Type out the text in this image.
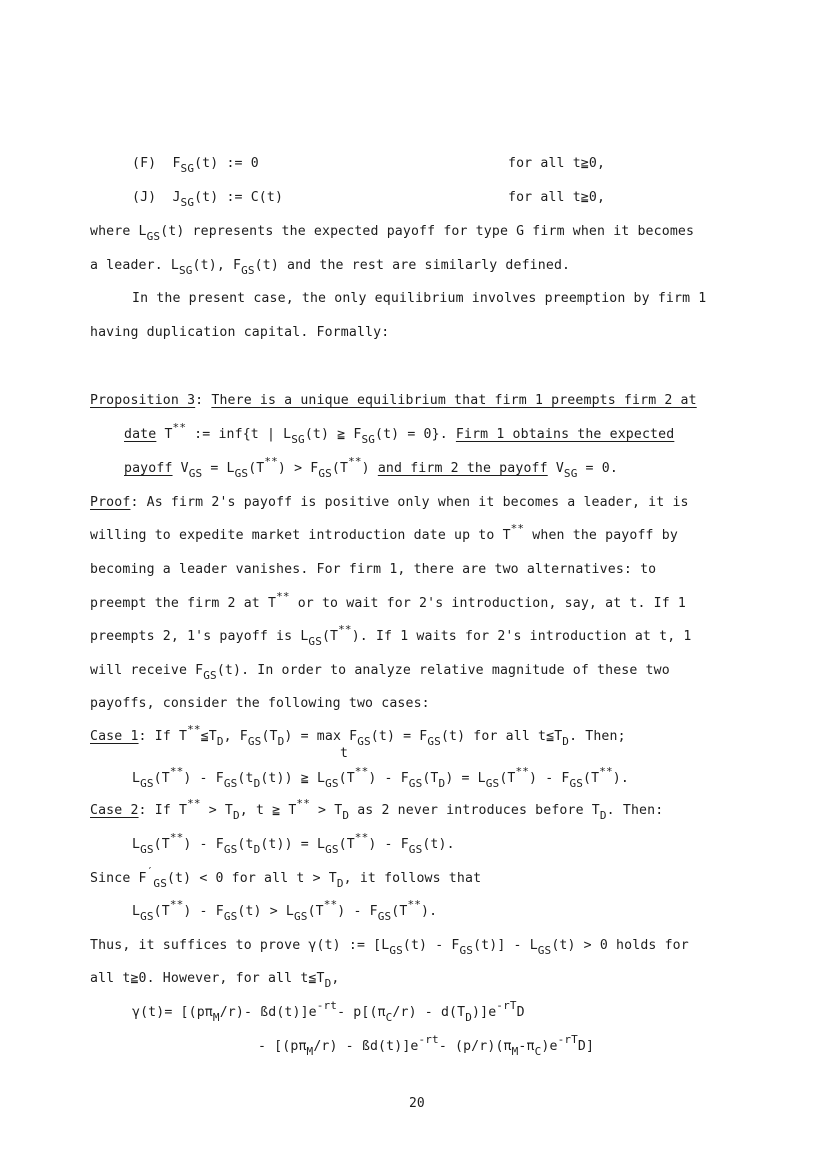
(F)  $F_{SG}(t)$ := 0	for all t≧0,
(J)  $J_{SG}(t)$ := C(t)	for all t≧0,
where $L_{GS}(t)$ represents the expected payoff for type G firm when it becomes
a leader. $L_{SG}(t)$, $F_{GS}(t)$ and the rest are similarly defined.
In the present case, the only equilibrium involves preemption by firm 1
having duplication capital. Formally:
Proposition 3: There is a unique equilibrium that firm 1 preempts firm 2 at
date T** := inf{t | $L_{SG}(t)$ ≧ $F_{SG}(t) = 0$}. Firm 1 obtains the expected
payoff $V_{GS} = L_{GS}(T^{**}) > F_{GS}(T^{**})$ and firm 2 the payoff $V_{SG} = 0$.
Proof: As firm 2's payoff is positive only when it becomes a leader, it is
willing to expedite market introduction date up to T** when the payoff by
becoming a leader vanishes. For firm 1, there are two alternatives: to
preempt the firm 2 at T** or to wait for 2's introduction, say, at t. If 1
preempts 2, 1's payoff is $L_{GS}(T^{**})$. If 1 waits for 2's introduction at t, 1
will receive $F_{GS}(t)$. In order to analyze relative magnitude of these two
payoffs, consider the following two cases:
Case 1: If $T^{**}≦T_D$, $F_{GS}(T_D) = \max F_{GS}(t) = F_{GS}(t)$ for all $t≦T_D$. Then;
t
$L_{GS}(T^{**}) - F_{GS}(t_D(t))$ ≧ $L_{GS}(T^{**}) - F_{GS}(T_D) = L_{GS}(T^{**}) - F_{GS}(T^{**})$.
Case 2: If $T^{**} > T_D$, t ≧ $T^{**} > T_D$ as 2 never introduces before $T_D$. Then:
$L_{GS}(T^{**}) - F_{GS}(t_D(t)) = L_{GS}(T^{**}) - F_{GS}(t)$.
Since $F'_{GS}(t) < 0$ for all $t > T_D$, it follows that
$L_{GS}(T^{**}) - F_{GS}(t) > L_{GS}(T^{**}) - F_{GS}(T^{**})$.
Thus, it suffices to prove γ(t) := $[L_{GS}(t) - F_{GS}(t)] - L_{GS}(t) > 0$ holds for
all t≧0. However, for all $t≦T_D$,
$\gamma(t)= [(p\pi_M/r)-$ $ßd(t)]e^{-rt}-$ $p[(\pi_C/r) - d(T_D)]e^{-rT}D$
- [$(p\pi_M/r)$ - $ßd(t)]e^{-rt}-$ $(p/r)(\pi_M-\pi_C)e^{-rT}D$]
20
